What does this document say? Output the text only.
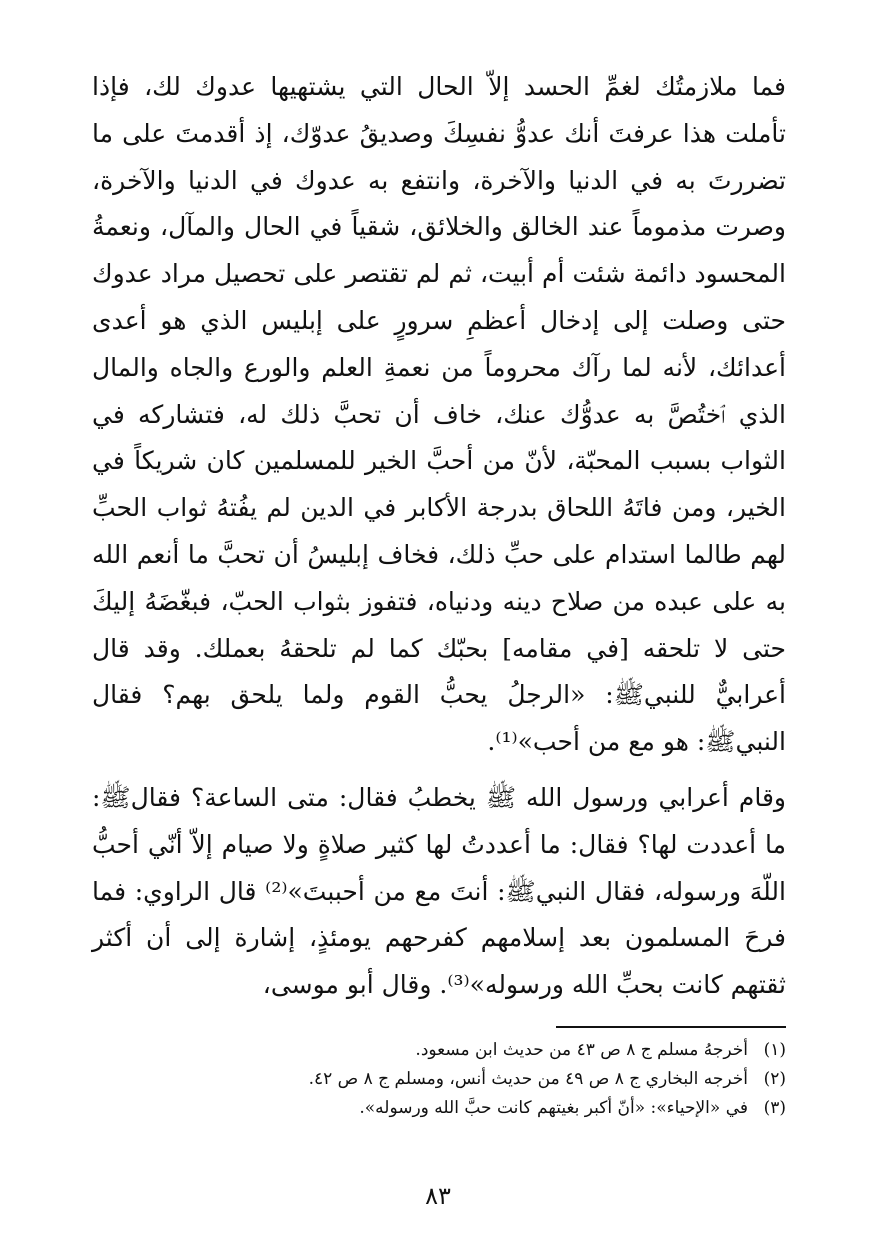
فما ملازمتُك لغمِّ الحسد إلاّ الحال التي يشتهيها عدوك لك، فإذا تأملت هذا عرفتَ أنك عدوُّ نفسِكَ وصديقُ عدوّك، إذ أقدمتَ على ما تضررتَ به في الدنيا والآخرة، وانتفع به عدوك في الدنيا والآخرة، وصرت مذموماً عند الخالق والخلائق، شقياً في الحال والمآل، ونعمةُ المحسود دائمة شئت أم أبيت، ثم لم تقتصر على تحصيل مراد عدوك حتى وصلت إلى إدخال أعظمِ سرورٍ على إبليس الذي هو أعدى أعدائك، لأنه لما رآك محروماً من نعمةِ العلم والورع والجاه والمال الذي ٱختُصَّ به عدوُّك عنك، خاف أن تحبَّ ذلك له، فتشاركه في الثواب بسبب المحبّة، لأنّ من أحبَّ الخير للمسلمين كان شريكاً في الخير، ومن فاتَهُ اللحاق بدرجة الأكابر في الدين لم يفُتهُ ثواب الحبِّ لهم طالما استدام على حبِّ ذلك، فخاف إبليسُ أن تحبَّ ما أنعم الله به على عبده من صلاح دينه ودنياه، فتفوز بثواب الحبّ، فبغّضَهُ إليكَ حتى لا تلحقه [في مقامه] بحبّك كما لم تلحقهُ بعملك. وقد قال أعرابيٌّ للنبيﷺ: «الرجلُ يحبُّ القوم ولما يلحق بهم؟ فقال النبيﷺ: هو مع من أحب»⁽¹⁾.

وقام أعرابي ورسول الله ﷺ يخطبُ فقال: متى الساعة؟ فقالﷺ: ما أعددت لها؟ فقال: ما أعددتُ لها كثير صلاةٍ ولا صيام إلاّ أنّي أحبُّ اللّهَ ورسوله، فقال النبيﷺ: أنتَ مع من أحببتَ»⁽²⁾ قال الراوي: فما فرحَ المسلمون بعد إسلامهم كفرحهم يومئذٍ، إشارة إلى أن أكثر ثقتهم كانت بحبِّ الله ورسوله»⁽³⁾. وقال أبو موسى،

(١)أخرجهُ مسلم ج ٨ ص ٤٣ من حديث ابن مسعود.
(٢)أخرجه البخاري ج ٨ ص ٤٩ من حديث أنس، ومسلم ج ٨ ص ٤٢.
(٣)في «الإحياء»: «أنّ أكبر بغيتهم كانت حبَّ الله ورسوله».
٨٣
